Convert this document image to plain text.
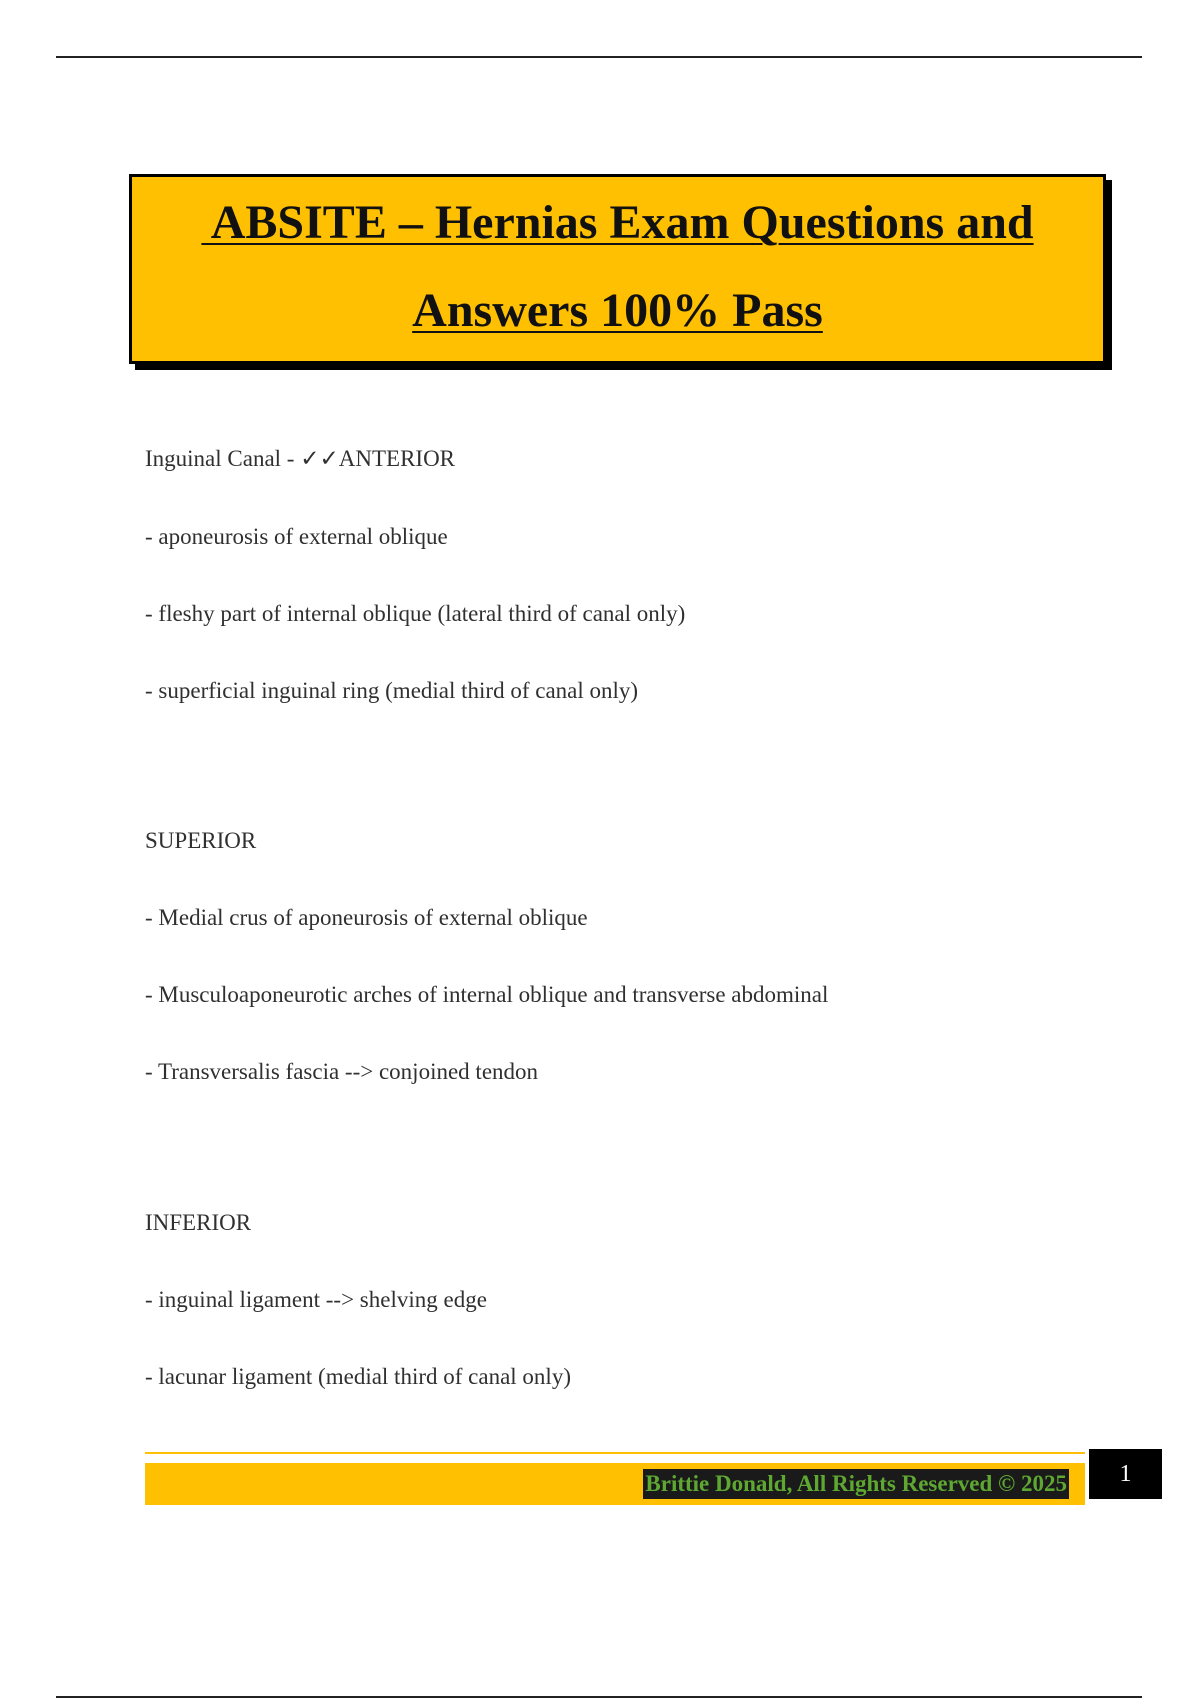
ABSITE – Hernias Exam Questions and
Answers 100% Pass
Inguinal Canal - ✓✓ANTERIOR
- aponeurosis of external oblique
- fleshy part of internal oblique (lateral third of canal only)
- superficial inguinal ring (medial third of canal only)
SUPERIOR
- Medial crus of aponeurosis of external oblique
- Musculoaponeurotic arches of internal oblique and transverse abdominal
- Transversalis fascia --> conjoined tendon
INFERIOR
- inguinal ligament --> shelving edge
- lacunar ligament (medial third of canal only)
Brittie Donald, All Rights Reserved © 2025	1
